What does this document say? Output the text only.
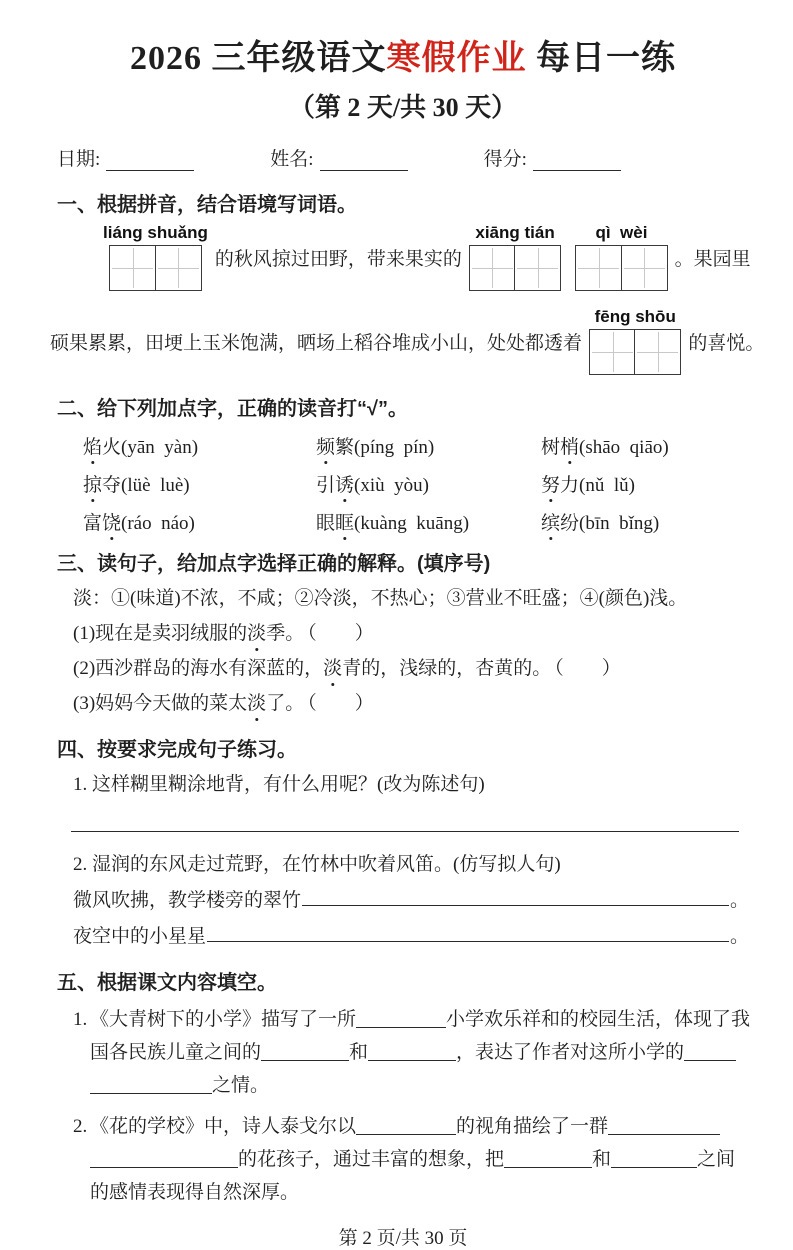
2026 三年级语文寒假作业 每日一练
（第 2 天/共 30 天）
日期:	姓名:	得分:
一、根据拼音，结合语境写词语。
liáng shuǎng
的秋风掠过田野，带来果实的
xiāng tián qì  wèi
。果园里
硕果累累，田埂上玉米饱满，晒场上稻谷堆成小山，处处都透着
fēng shōu
的喜悦。
二、给下列加点字，正确的读音打“√”。
焰火(yān  yàn)	频繁(píng  pín)	树梢(shāo  qiāo)
掠夺(lüè  luè)	引诱(xiù  yòu)	努力(nǔ  lǔ)
富饶(ráo  náo)	眼眶(kuàng  kuāng)	缤纷(bīn  bǐng)
三、读句子，给加点字选择正确的解释。(填序号)
淡：①(味道)不浓，不咸；②冷淡，不热心；③营业不旺盛；④(颜色)浅。
(1)现在是卖羽绒服的淡季。 （　　）
(2)西沙群岛的海水有深蓝的，淡青的，浅绿的，杏黄的。 （　　）
(3)妈妈今天做的菜太淡了。 （　　）
四、按要求完成句子练习。
1. 这样糊里糊涂地背，有什么用呢？(改为陈述句)
2. 湿润的东风走过荒野，在竹林中吹着风笛。(仿写拟人句)
微风吹拂，教学楼旁的翠竹	。
夜空中的小星星	。
五、根据课文内容填空。
1. 《大青树下的小学》描写了一所	小学欢乐祥和的校园生活，体现了我
国各民族儿童之间的	和	，表达了作者对这所小学的
之情。
2. 《花的学校》中，诗人泰戈尔以	的视角描绘了一群
的花孩子，通过丰富的想象，把	和	之间
的感情表现得自然深厚。
第 2 页/共 30 页
